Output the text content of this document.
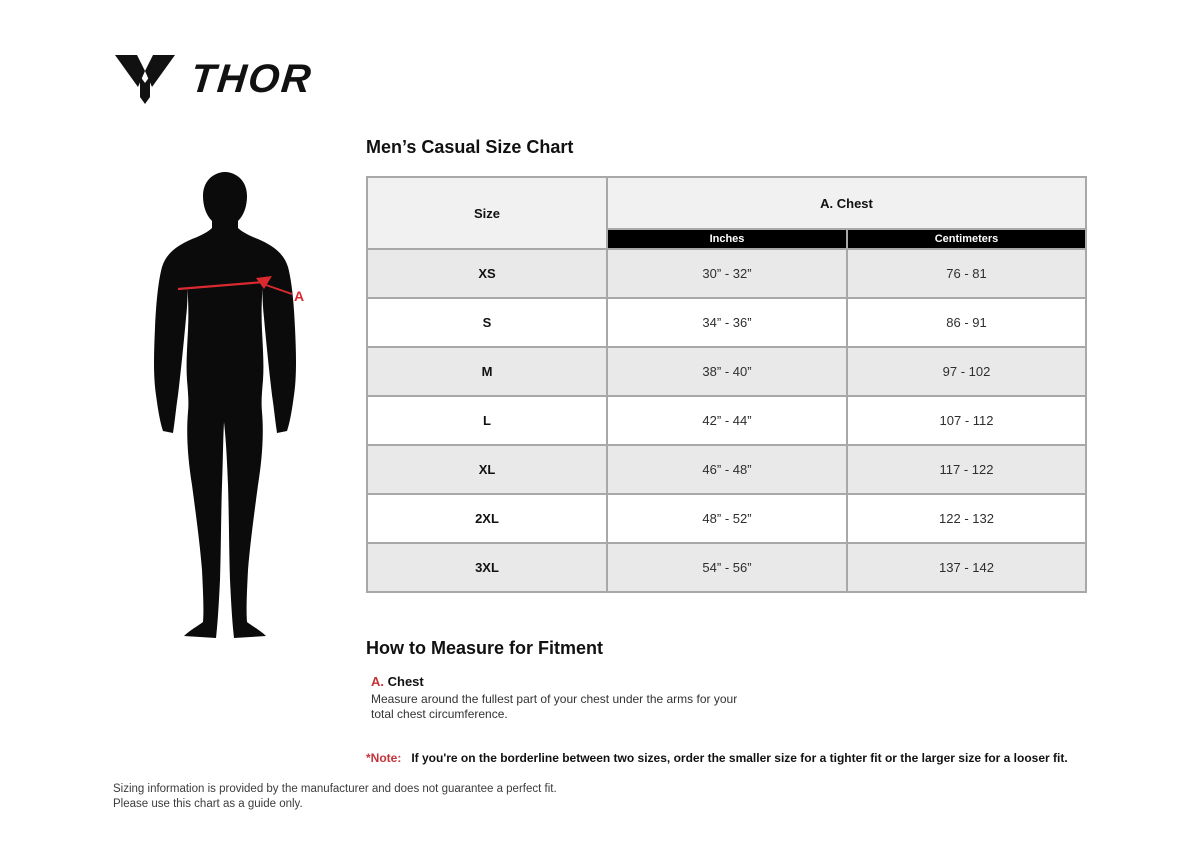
THOR
A
Men’s Casual Size Chart
Size	A. Chest	
	Inches	Centimeters
XS	30” - 32”	76 - 81
S	34” - 36”	86 - 91
M	38” - 40”	97 - 102
L	42” - 44”	107 - 112
XL	46” - 48”	117 - 122
2XL	48” - 52”	122 - 132
3XL	54” - 56”	137 - 142
How to Measure for Fitment
A. Chest
Measure around the fullest part of your chest under the arms for your total chest circumference.
*Note: If you're on the borderline between two sizes, order the smaller size for a tighter fit or the larger size for a looser fit.
Sizing information is provided by the manufacturer and does not guarantee a perfect fit.
Please use this chart as a guide only.
